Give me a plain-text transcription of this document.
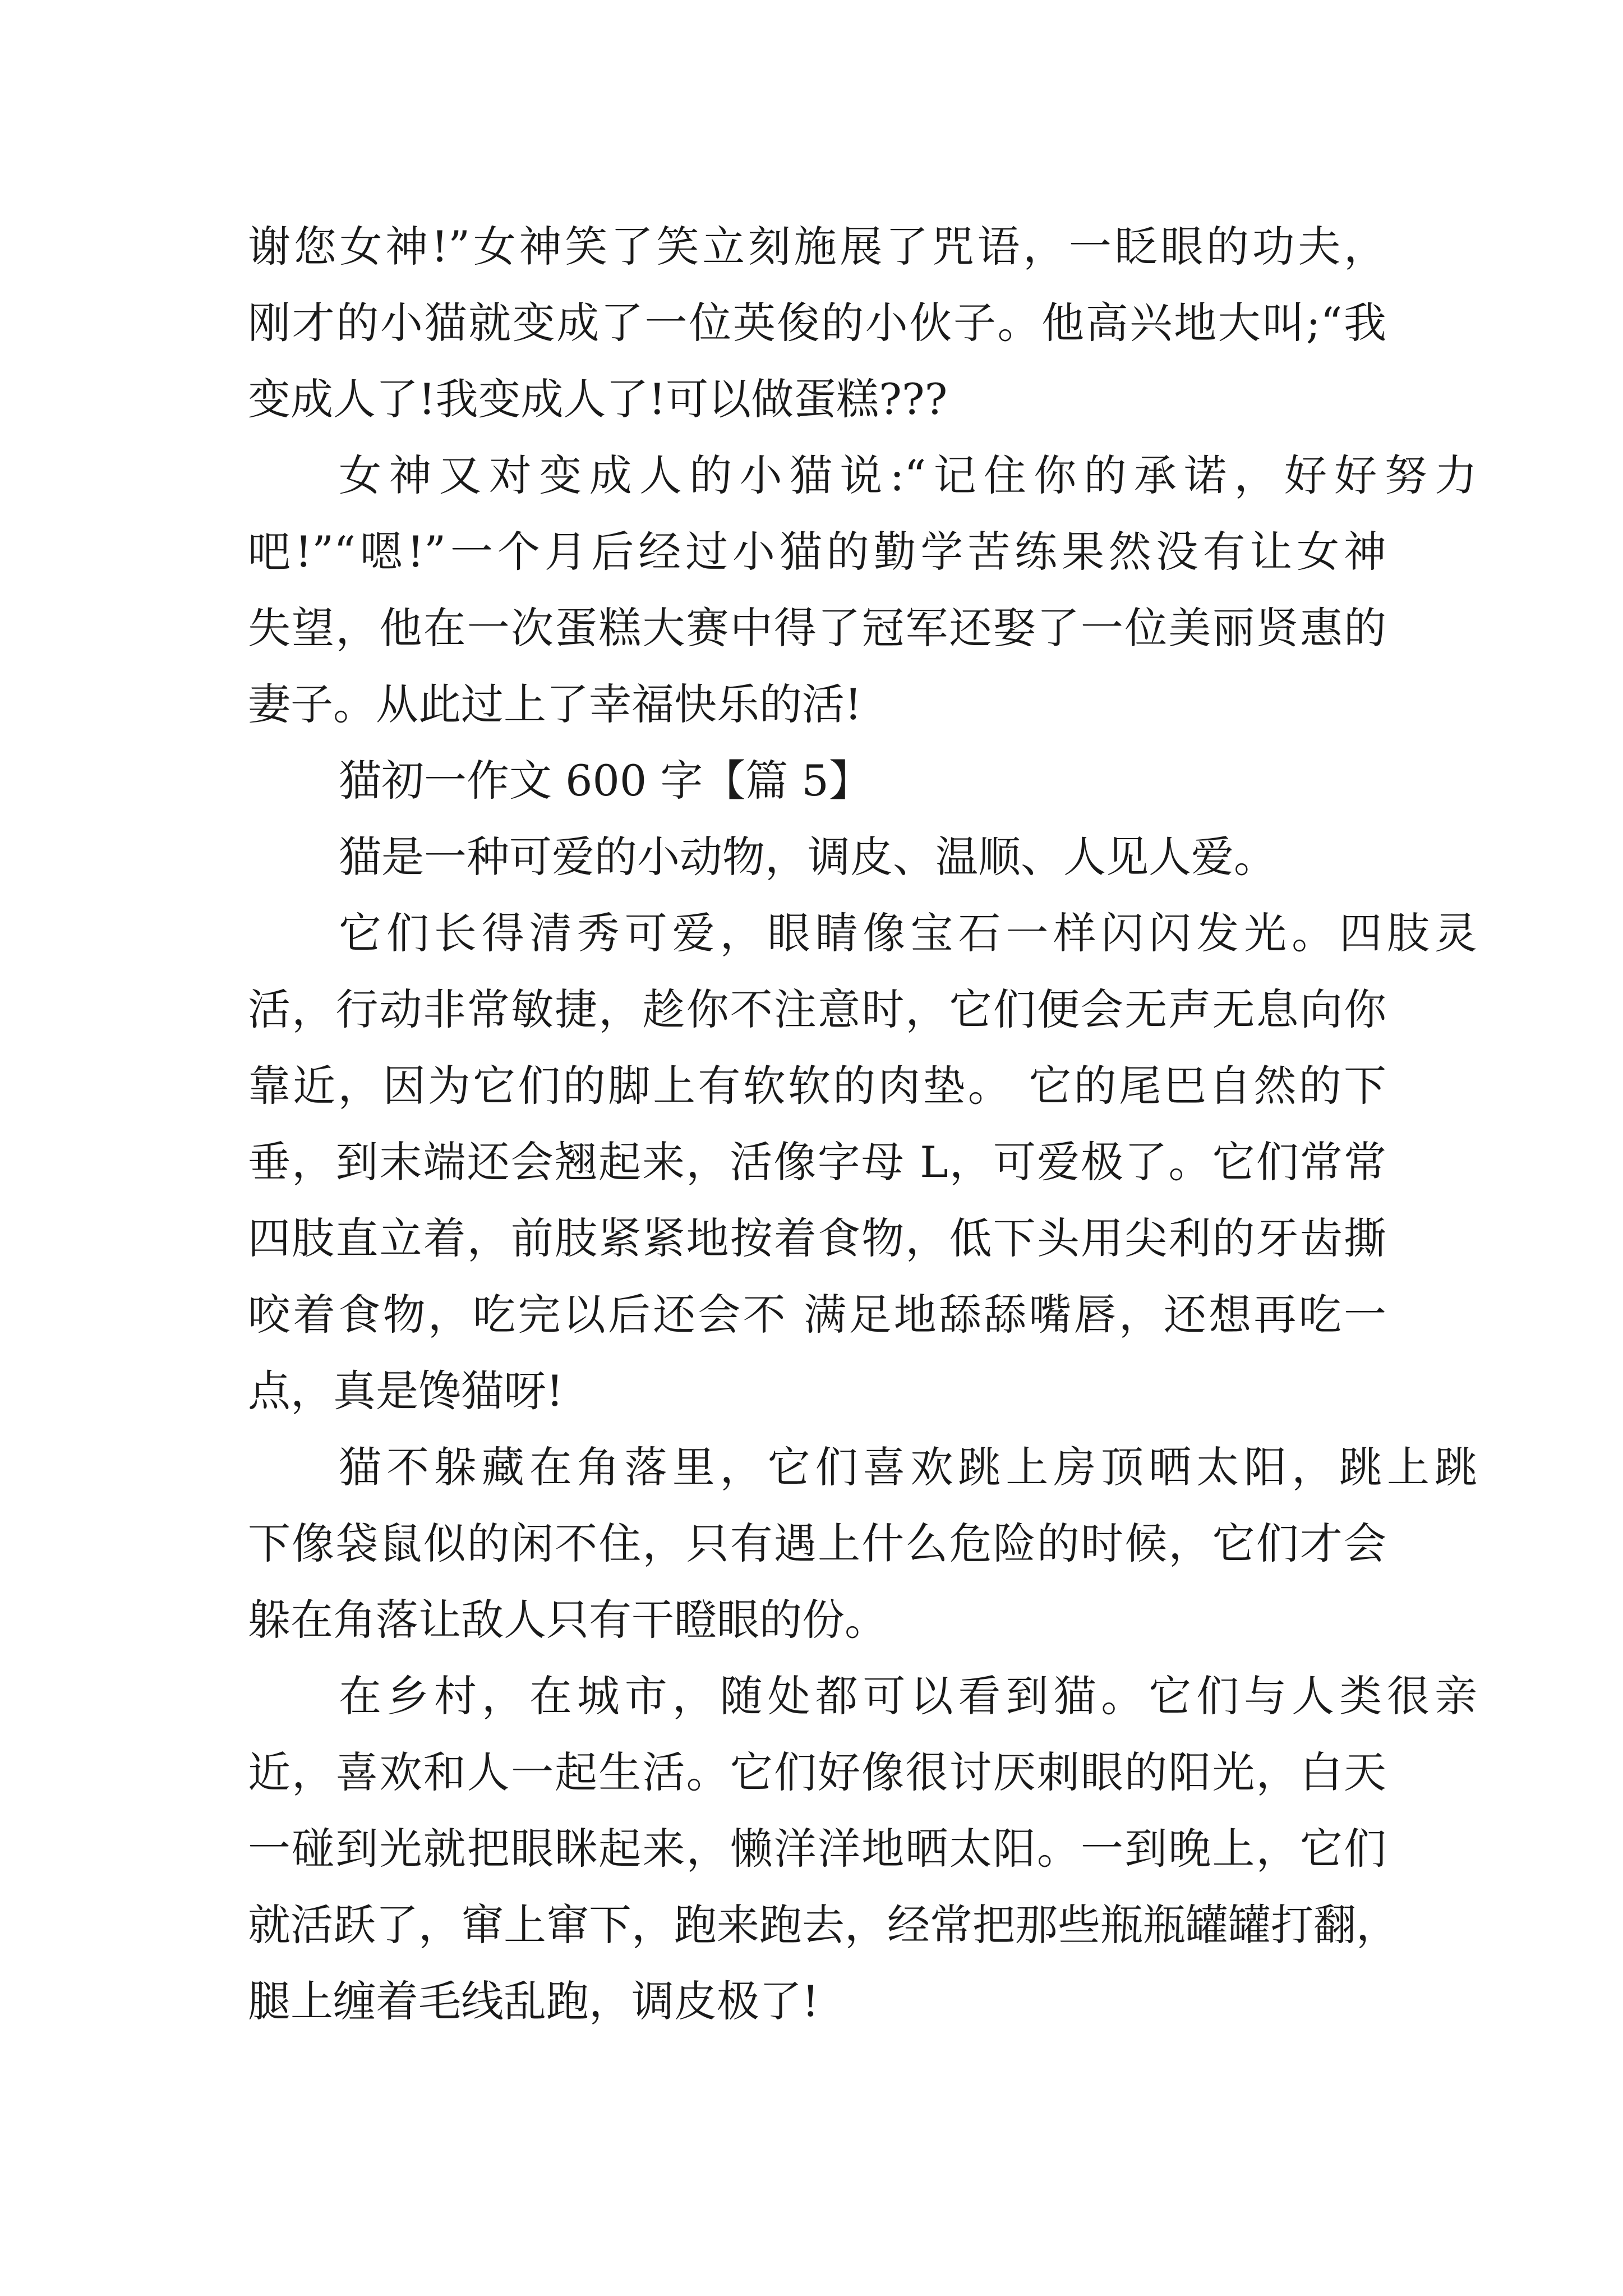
谢您女神!”女神笑了笑立刻施展了咒语，一眨眼的功夫，
刚才的小猫就变成了一位英俊的小伙子。他高兴地大叫;“我
变成人了!我变成人了!可以做蛋糕???
女神又对变成人的小猫说:“记住你的承诺，好好努力
吧!”“嗯!”一个月后经过小猫的勤学苦练果然没有让女神
失望，他在一次蛋糕大赛中得了冠军还娶了一位美丽贤惠的
妻子。从此过上了幸福快乐的活!
猫初一作文 600 字【篇 5】
猫是一种可爱的小动物，调皮、温顺、人见人爱。
它们长得清秀可爱，眼睛像宝石一样闪闪发光。四肢灵
活，行动非常敏捷，趁你不注意时，它们便会无声无息向你
靠近，因为它们的脚上有软软的肉垫。 它的尾巴自然的下
垂，到末端还会翘起来，活像字母 L，可爱极了。它们常常
四肢直立着，前肢紧紧地按着食物，低下头用尖利的牙齿撕
咬着食物，吃完以后还会不 满足地舔舔嘴唇，还想再吃一
点，真是馋猫呀!
猫不躲藏在角落里，它们喜欢跳上房顶晒太阳，跳上跳
下像袋鼠似的闲不住，只有遇上什么危险的时候，它们才会
躲在角落让敌人只有干瞪眼的份。
在乡村，在城市，随处都可以看到猫。它们与人类很亲
近，喜欢和人一起生活。它们好像很讨厌刺眼的阳光，白天
一碰到光就把眼眯起来，懒洋洋地晒太阳。一到晚上，它们
就活跃了，窜上窜下，跑来跑去，经常把那些瓶瓶罐罐打翻，
腿上缠着毛线乱跑，调皮极了!
